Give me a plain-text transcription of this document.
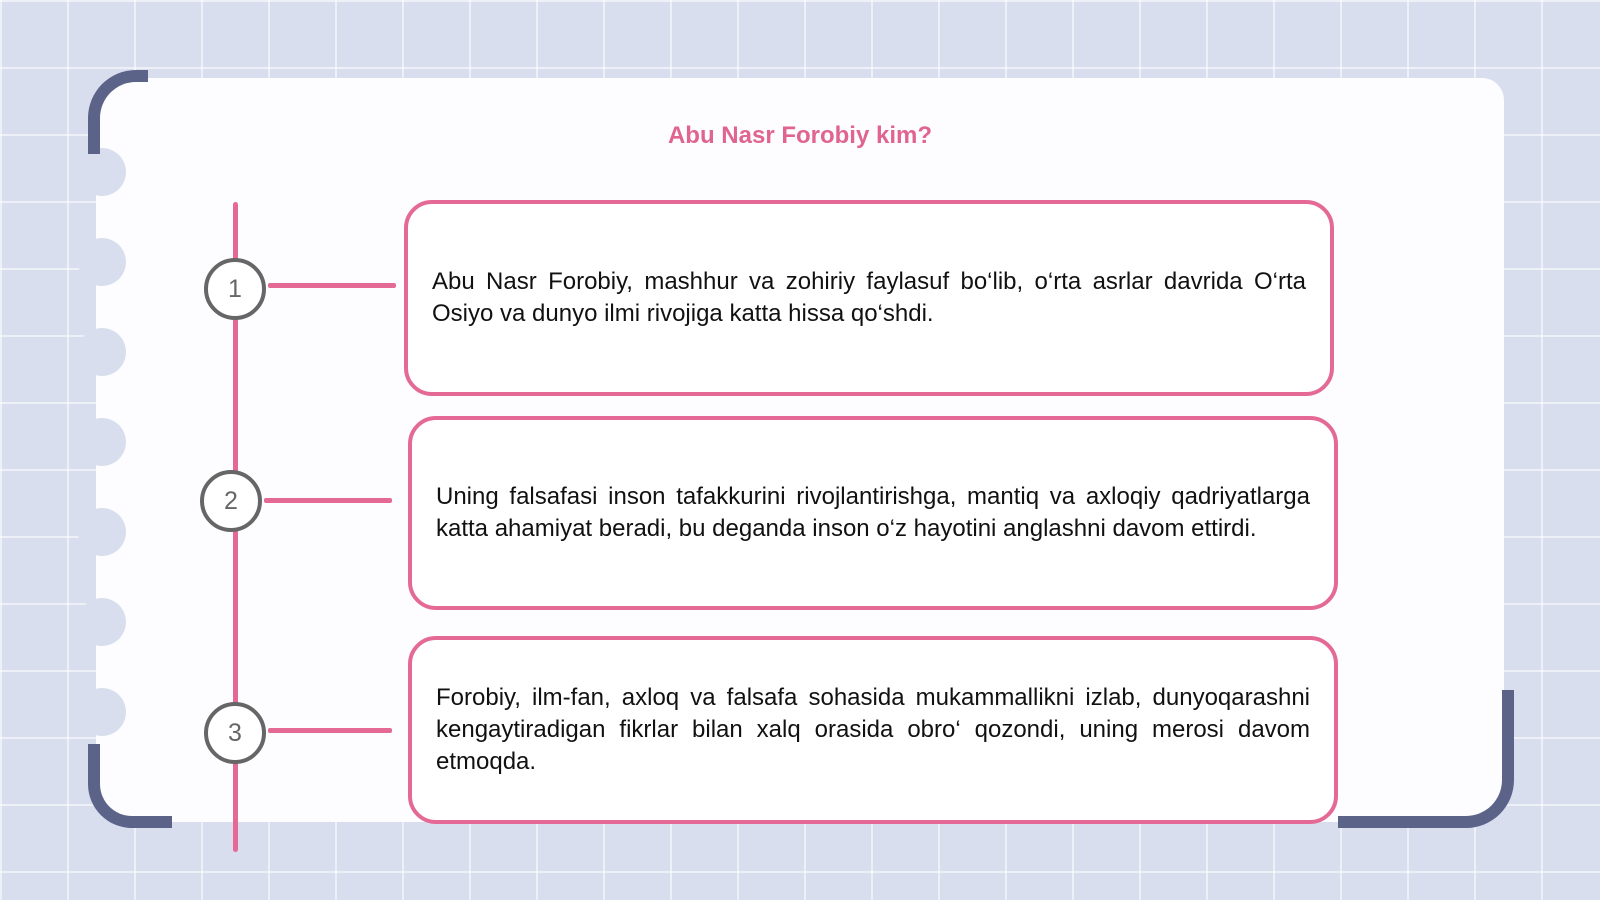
Abu Nasr Forobiy kim?
1
2
3
Abu Nasr Forobiy, mashhur va zohiriy faylasuf bo‘lib, o‘rta asrlar davrida O‘rta Osiyo va dunyo ilmi rivojiga katta hissa qo‘shdi.
Uning falsafasi inson tafakkurini rivojlantirishga, mantiq va axloqiy qadriyatlarga katta ahamiyat beradi, bu deganda inson o‘z hayotini anglashni davom ettirdi.
Forobiy, ilm-fan, axloq va falsafa sohasida mukammallikni izlab, dunyoqarashni kengaytiradigan fikrlar bilan xalq orasida obro‘ qozondi, uning merosi davom etmoqda.
